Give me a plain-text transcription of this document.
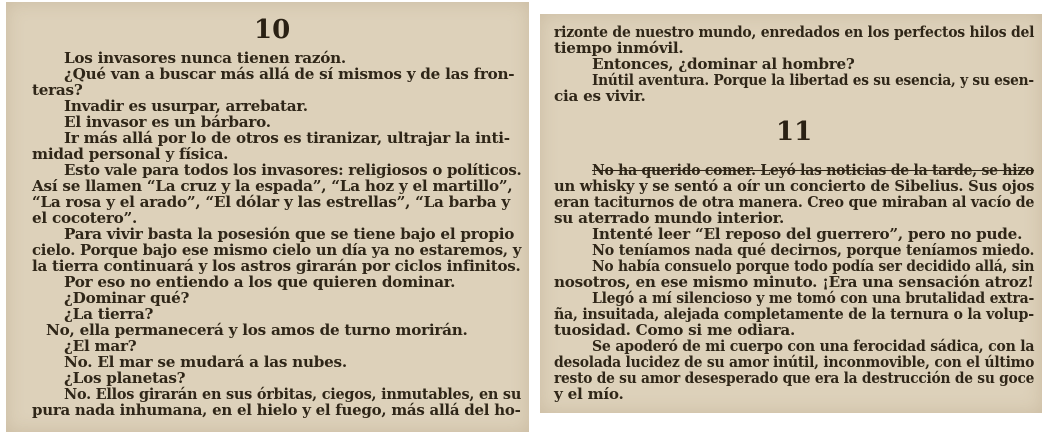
10
Los invasores nunca tienen razón.
¿Qué van a buscar más allá de sí mismos y de las fron-
teras?
Invadir es usurpar, arrebatar.
El invasor es un bárbaro.
Ir más allá por lo de otros es tiranizar, ultrajar la inti-
midad personal y física.
Esto vale para todos los invasores: religiosos o políticos.
Así se llamen “La cruz y la espada”, “La hoz y el martillo”,
“La rosa y el arado”, “El dólar y las estrellas”, “La barba y
el cocotero”.
Para vivir basta la posesión que se tiene bajo el propio
cielo. Porque bajo ese mismo cielo un día ya no estaremos, y
la tierra continuará y los astros girarán por ciclos infinitos.
Por eso no entiendo a los que quieren dominar.
¿Dominar qué?
¿La tierra?
No, ella permanecerá y los amos de turno morirán.
¿El mar?
No. El mar se mudará a las nubes.
¿Los planetas?
No. Ellos girarán en sus órbitas, ciegos, inmutables, en su
pura nada inhumana, en el hielo y el fuego, más allá del ho-
rizonte de nuestro mundo, enredados en los perfectos hilos del
tiempo inmóvil.
Entonces, ¿dominar al hombre?
Inútil aventura. Porque la libertad es su esencia, y su esen-
cia es vivir.
11
No ha querido comer. Leyó las noticias de la tarde, se hizo
un whisky y se sentó a oír un concierto de Sibelius. Sus ojos
eran taciturnos de otra manera. Creo que miraban al vacío de
su aterrado mundo interior.
Intenté leer “El reposo del guerrero”, pero no pude.
No teníamos nada qué decirnos, porque teníamos miedo.
No había consuelo porque todo podía ser decidido allá, sin
nosotros, en ese mismo minuto. ¡Era una sensación atroz!
Llegó a mí silencioso y me tomó con una brutalidad extra-
ña, insuitada, alejada completamente de la ternura o la volup-
tuosidad. Como si me odiara.
Se apoderó de mi cuerpo con una ferocidad sádica, con la
desolada lucidez de su amor inútil, inconmovible, con el último
resto de su amor desesperado que era la destrucción de su goce
y el mío.
